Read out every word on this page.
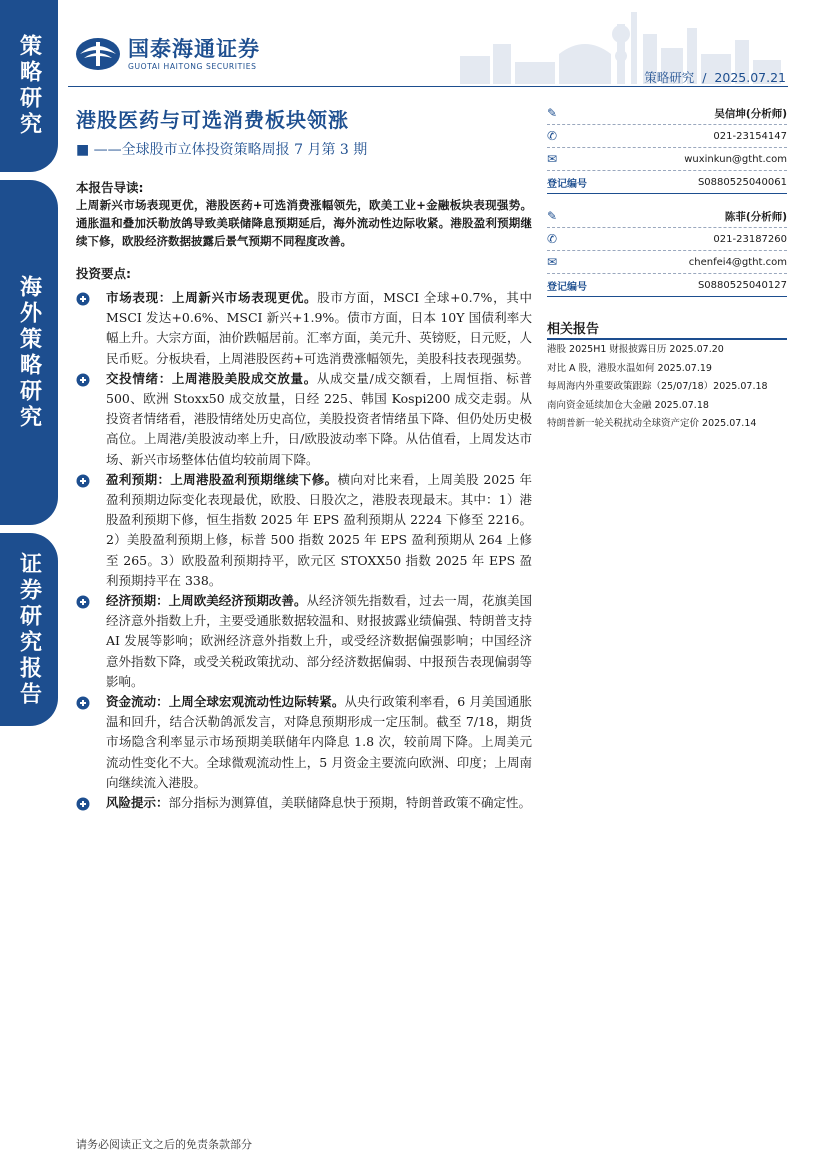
策略研究
海外策略研究
证券研究报告
国泰海通证券
GUOTAI HAITONG SECURITIES
策略研究 / 2025.07.21
港股医药与可选消费板块领涨
■ ——全球股市立体投资策略周报 7 月第 3 期
✎	吴信坤(分析师)
✆	021-23154147
✉	wuxinkun@gtht.com
登记编号	S0880525040061
✎	陈菲(分析师)
✆	021-23187260
✉	chenfei4@gtht.com
登记编号	S0880525040127
相关报告
港股 2025H1 财报披露日历 2025.07.20
对比 A 股，港股水温如何 2025.07.19
每周海内外重要政策跟踪（25/07/18）2025.07.18
南向资金延续加仓大金融 2025.07.18
特朗普新一轮关税扰动全球资产定价 2025.07.14
本报告导读:
上周新兴市场表现更优，港股医药+可选消费涨幅领先，欧美工业+金融板块表现强势。通胀温和叠加沃勒放鸽导致美联储降息预期延后，海外流动性边际收紧。港股盈利预期继续下修，欧股经济数据披露后景气预期不同程度改善。
投资要点:
市场表现：上周新兴市场表现更优。股市方面，MSCI 全球+0.7%，其中 MSCI 发达+0.6%、MSCI 新兴+1.9%。债市方面，日本 10Y 国债利率大幅上升。大宗方面，油价跌幅居前。汇率方面，美元升、英镑贬，日元贬，人民币贬。分板块看，上周港股医药+可选消费涨幅领先，美股科技表现强势。
交投情绪：上周港股美股成交放量。从成交量/成交额看，上周恒指、标普 500、欧洲 Stoxx50 成交放量，日经 225、韩国 Kospi200 成交走弱。从投资者情绪看，港股情绪处历史高位，美股投资者情绪虽下降、但仍处历史极高位。上周港/美股波动率上升，日/欧股波动率下降。从估值看，上周发达市场、新兴市场整体估值均较前周下降。
盈利预期：上周港股盈利预期继续下修。横向对比来看，上周美股 2025 年盈利预期边际变化表现最优，欧股、日股次之，港股表现最末。其中：1）港股盈利预期下修，恒生指数 2025 年 EPS 盈利预期从 2224 下修至 2216。2）美股盈利预期上修，标普 500 指数 2025 年 EPS 盈利预期从 264 上修至 265。3）欧股盈利预期持平，欧元区 STOXX50 指数 2025 年 EPS 盈利预期持平在 338。
经济预期：上周欧美经济预期改善。从经济领先指数看，过去一周，花旗美国经济意外指数上升，主要受通胀数据较温和、财报披露业绩偏强、特朗普支持 AI 发展等影响；欧洲经济意外指数上升，或受经济数据偏强影响；中国经济意外指数下降，或受关税政策扰动、部分经济数据偏弱、中报预告表现偏弱等影响。
资金流动：上周全球宏观流动性边际转紧。从央行政策利率看，6 月美国通胀温和回升，结合沃勒鸽派发言，对降息预期形成一定压制。截至 7/18，期货市场隐含利率显示市场预期美联储年内降息 1.8 次，较前周下降。上周美元流动性变化不大。全球微观流动性上，5 月资金主要流向欧洲、印度；上周南向继续流入港股。
风险提示：部分指标为测算值，美联储降息快于预期，特朗普政策不确定性。
请务必阅读正文之后的免责条款部分
